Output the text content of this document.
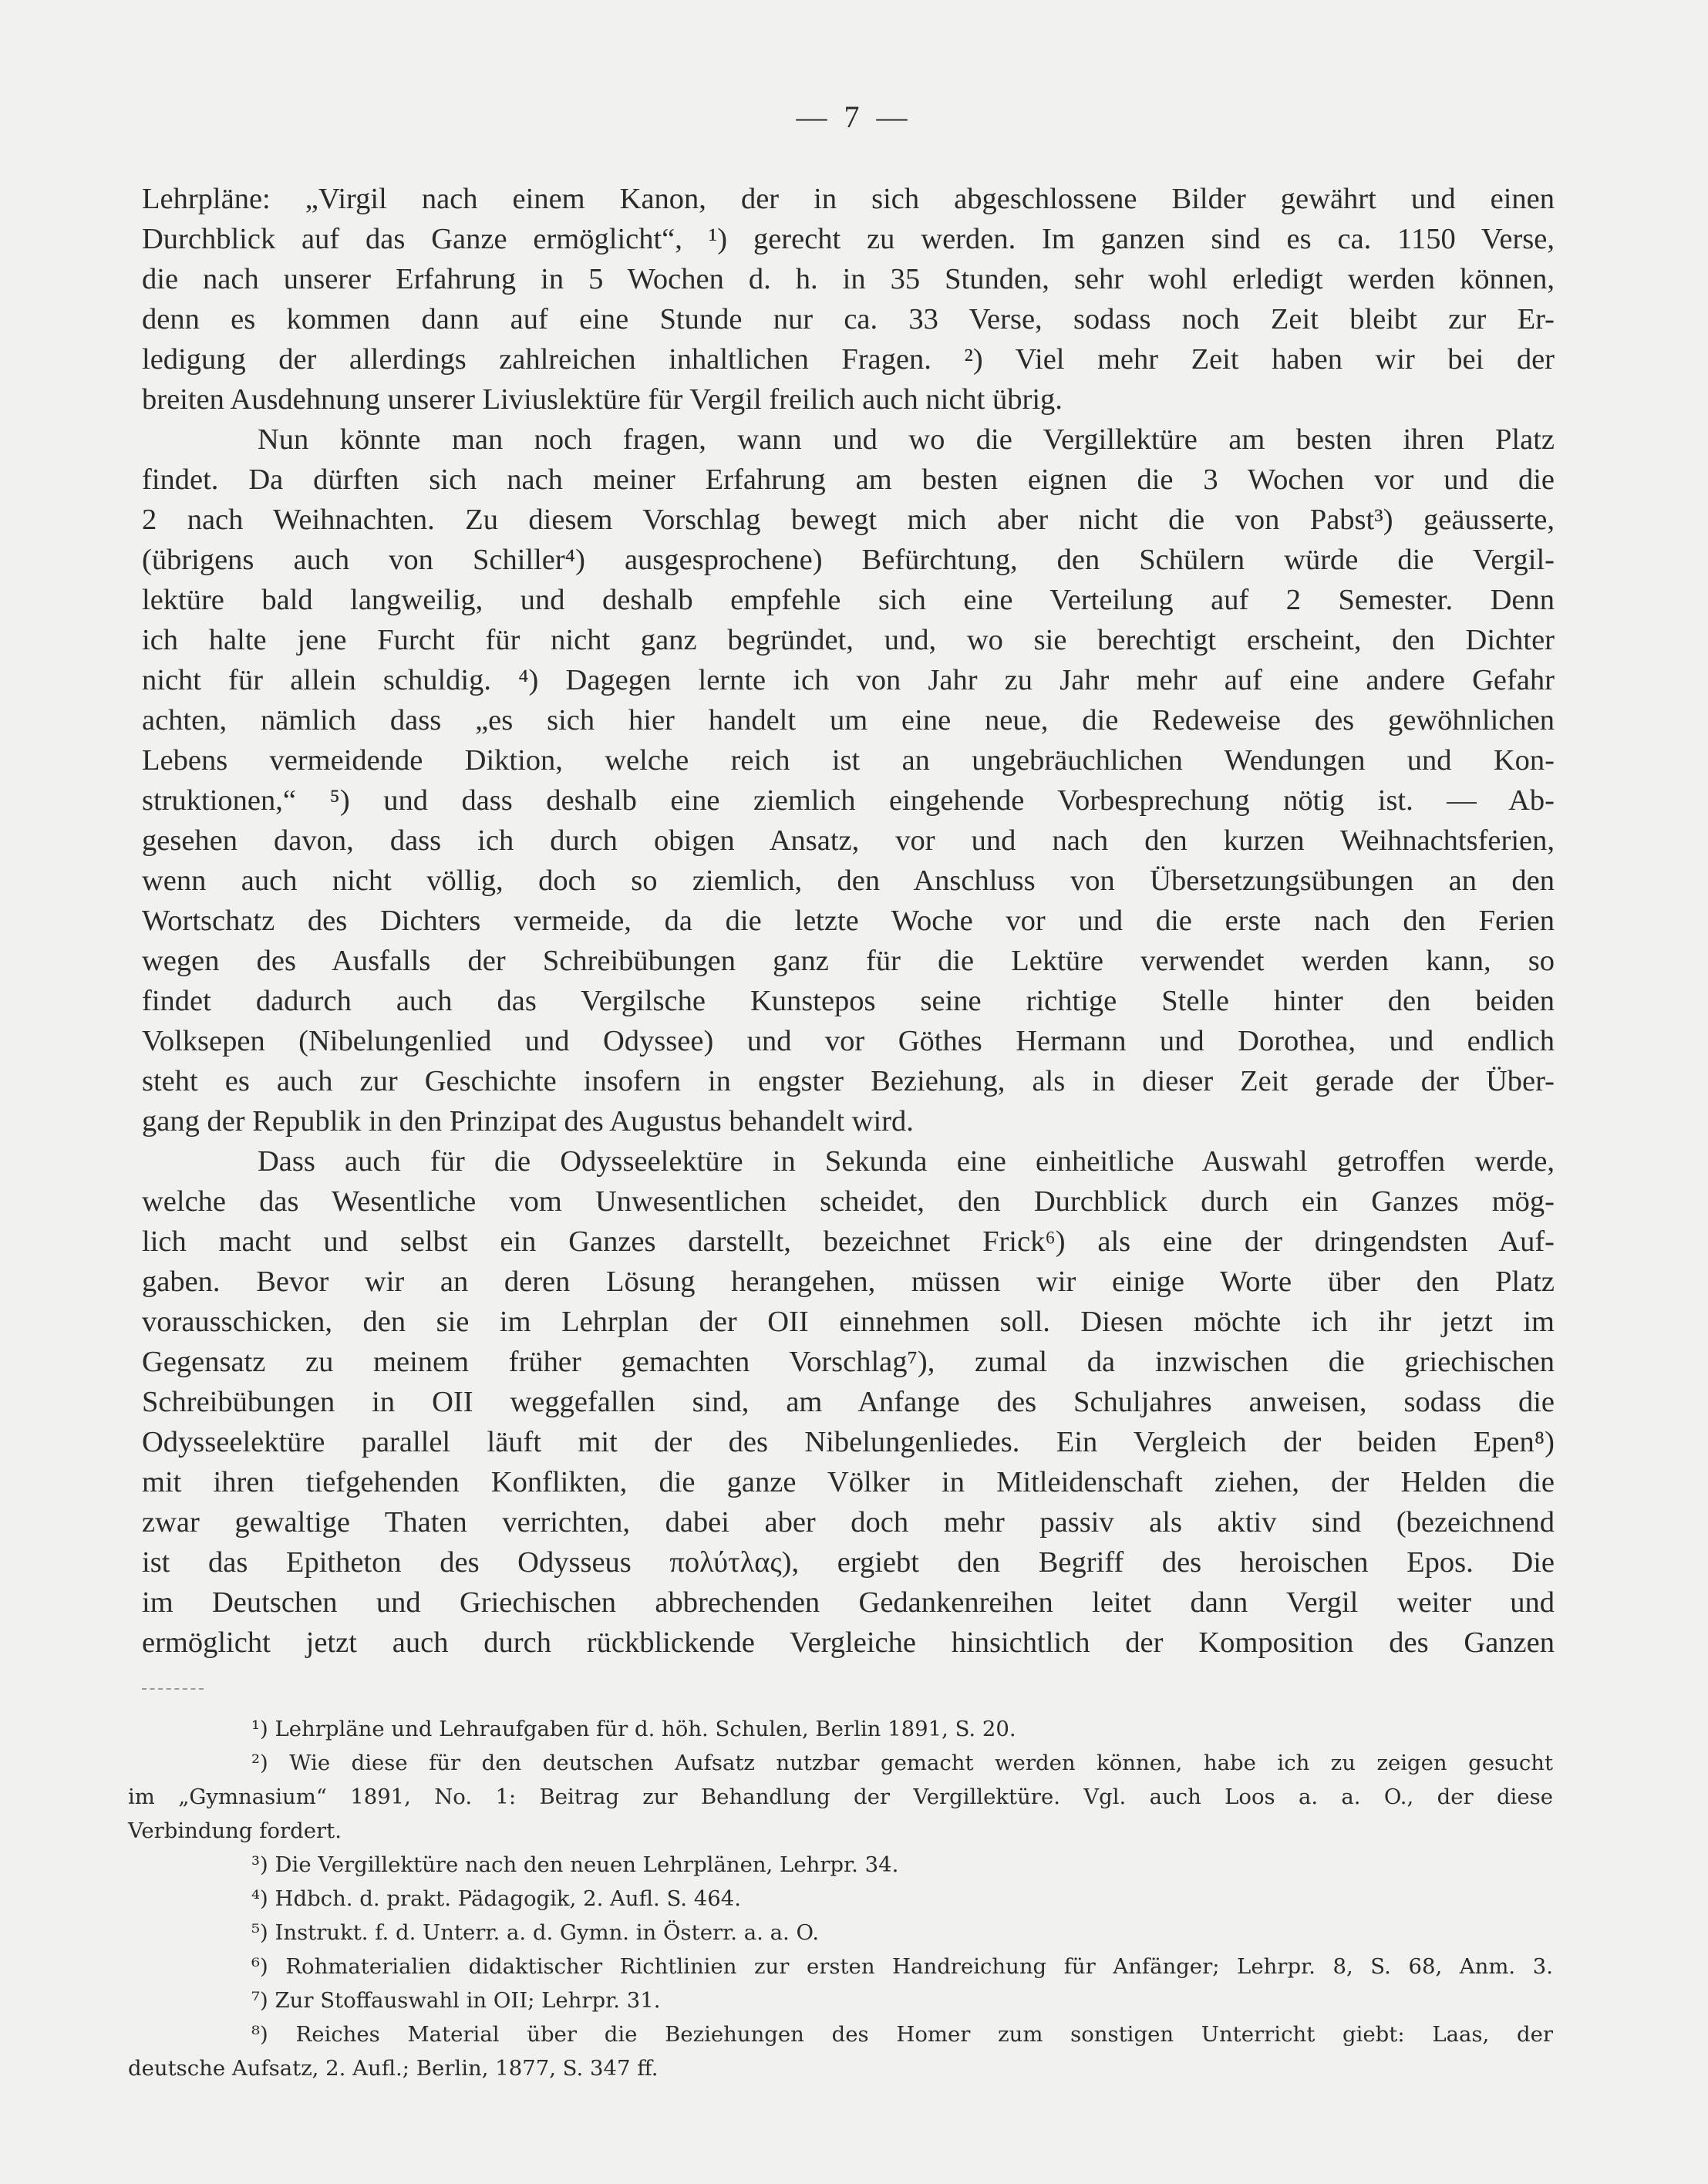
— 7 —
Lehrpläne: „Virgil nach einem Kanon, der in sich abgeschlossene Bilder gewährt und einen
Durchblick auf das Ganze ermöglicht“, ¹) gerecht zu werden. Im ganzen sind es ca. 1150 Verse,
die nach unserer Erfahrung in 5 Wochen d. h. in 35 Stunden, sehr wohl erledigt werden können,
denn es kommen dann auf eine Stunde nur ca. 33 Verse, sodass noch Zeit bleibt zur Er-
ledigung der allerdings zahlreichen inhaltlichen Fragen. ²) Viel mehr Zeit haben wir bei der
breiten Ausdehnung unserer Liviuslektüre für Vergil freilich auch nicht übrig.
Nun könnte man noch fragen, wann und wo die Vergillektüre am besten ihren Platz
findet. Da dürften sich nach meiner Erfahrung am besten eignen die 3 Wochen vor und die
2 nach Weihnachten. Zu diesem Vorschlag bewegt mich aber nicht die von Pabst³) geäusserte,
(übrigens auch von Schiller⁴) ausgesprochene) Befürchtung, den Schülern würde die Vergil-
lektüre bald langweilig, und deshalb empfehle sich eine Verteilung auf 2 Semester. Denn
ich halte jene Furcht für nicht ganz begründet, und, wo sie berechtigt erscheint, den Dichter
nicht für allein schuldig. ⁴) Dagegen lernte ich von Jahr zu Jahr mehr auf eine andere Gefahr
achten, nämlich dass „es sich hier handelt um eine neue, die Redeweise des gewöhnlichen
Lebens vermeidende Diktion, welche reich ist an ungebräuchlichen Wendungen und Kon-
struktionen,“ ⁵) und dass deshalb eine ziemlich eingehende Vorbesprechung nötig ist. — Ab-
gesehen davon, dass ich durch obigen Ansatz, vor und nach den kurzen Weihnachtsferien,
wenn auch nicht völlig, doch so ziemlich, den Anschluss von Übersetzungsübungen an den
Wortschatz des Dichters vermeide, da die letzte Woche vor und die erste nach den Ferien
wegen des Ausfalls der Schreibübungen ganz für die Lektüre verwendet werden kann, so
findet dadurch auch das Vergilsche Kunstepos seine richtige Stelle hinter den beiden
Volksepen (Nibelungenlied und Odyssee) und vor Göthes Hermann und Dorothea, und endlich
steht es auch zur Geschichte insofern in engster Beziehung, als in dieser Zeit gerade der Über-
gang der Republik in den Prinzipat des Augustus behandelt wird.
Dass auch für die Odysseelektüre in Sekunda eine einheitliche Auswahl getroffen werde,
welche das Wesentliche vom Unwesentlichen scheidet, den Durchblick durch ein Ganzes mög-
lich macht und selbst ein Ganzes darstellt, bezeichnet Frick⁶) als eine der dringendsten Auf-
gaben. Bevor wir an deren Lösung herangehen, müssen wir einige Worte über den Platz
vorausschicken, den sie im Lehrplan der OII einnehmen soll. Diesen möchte ich ihr jetzt im
Gegensatz zu meinem früher gemachten Vorschlag⁷), zumal da inzwischen die griechischen
Schreibübungen in OII weggefallen sind, am Anfange des Schuljahres anweisen, sodass die
Odysseelektüre parallel läuft mit der des Nibelungenliedes. Ein Vergleich der beiden Epen⁸)
mit ihren tiefgehenden Konflikten, die ganze Völker in Mitleidenschaft ziehen, der Helden die
zwar gewaltige Thaten verrichten, dabei aber doch mehr passiv als aktiv sind (bezeichnend
ist das Epitheton des Odysseus πολύτλας), ergiebt den Begriff des heroischen Epos. Die
im Deutschen und Griechischen abbrechenden Gedankenreihen leitet dann Vergil weiter und
ermöglicht jetzt auch durch rückblickende Vergleiche hinsichtlich der Komposition des Ganzen
¹) Lehrpläne und Lehraufgaben für d. höh. Schulen, Berlin 1891, S. 20.
²) Wie diese für den deutschen Aufsatz nutzbar gemacht werden können, habe ich zu zeigen gesucht
im „Gymnasium“ 1891, No. 1: Beitrag zur Behandlung der Vergillektüre. Vgl. auch Loos a. a. O., der diese
Verbindung fordert.
³) Die Vergillektüre nach den neuen Lehrplänen, Lehrpr. 34.
⁴) Hdbch. d. prakt. Pädagogik, 2. Aufl. S. 464.
⁵) Instrukt. f. d. Unterr. a. d. Gymn. in Österr. a. a. O.
⁶) Rohmaterialien didaktischer Richtlinien zur ersten Handreichung für Anfänger; Lehrpr. 8, S. 68, Anm. 3.
⁷) Zur Stoffauswahl in OII; Lehrpr. 31.
⁸) Reiches Material über die Beziehungen des Homer zum sonstigen Unterricht giebt: Laas, der
deutsche Aufsatz, 2. Aufl.; Berlin, 1877, S. 347 ff.
